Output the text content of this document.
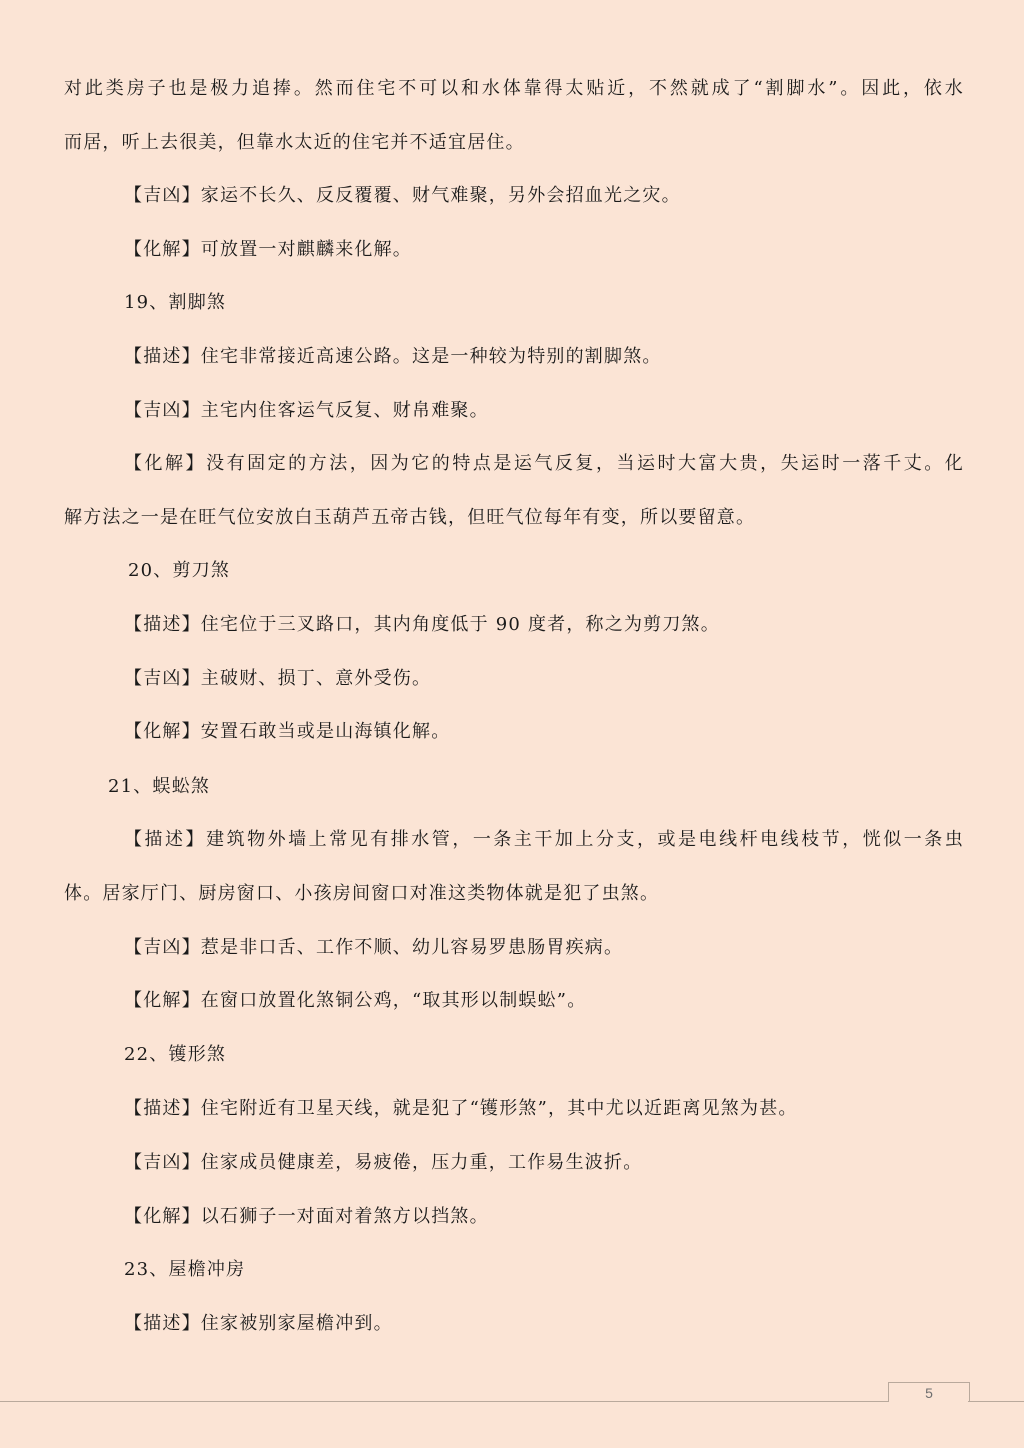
对此类房子也是极力追捧。然而住宅不可以和水体靠得太贴近，不然就成了“割脚水”。因此，依水
而居，听上去很美，但靠水太近的住宅并不适宜居住。
【吉凶】家运不长久、反反覆覆、财气难聚，另外会招血光之灾。
【化解】可放置一对麒麟来化解。
19、割脚煞
【描述】住宅非常接近高速公路。这是一种较为特别的割脚煞。
【吉凶】主宅内住客运气反复、财帛难聚。
【化解】没有固定的方法，因为它的特点是运气反复，当运时大富大贵，失运时一落千丈。化
解方法之一是在旺气位安放白玉葫芦五帝古钱，但旺气位每年有变，所以要留意。
20、剪刀煞
【描述】住宅位于三叉路口，其内角度低于 90 度者，称之为剪刀煞。
【吉凶】主破财、损丁、意外受伤。
【化解】安置石敢当或是山海镇化解。
21、蜈蚣煞
【描述】建筑物外墙上常见有排水管，一条主干加上分支，或是电线杆电线枝节，恍似一条虫
体。居家厅门、厨房窗口、小孩房间窗口对准这类物体就是犯了虫煞。
【吉凶】惹是非口舌、工作不顺、幼儿容易罗患肠胃疾病。
【化解】在窗口放置化煞铜公鸡，“取其形以制蜈蚣”。
22、镬形煞
【描述】住宅附近有卫星天线，就是犯了“镬形煞”，其中尤以近距离见煞为甚。
【吉凶】住家成员健康差，易疲倦，压力重，工作易生波折。
【化解】以石狮子一对面对着煞方以挡煞。
23、屋檐冲房
【描述】住家被别家屋檐冲到。
5
